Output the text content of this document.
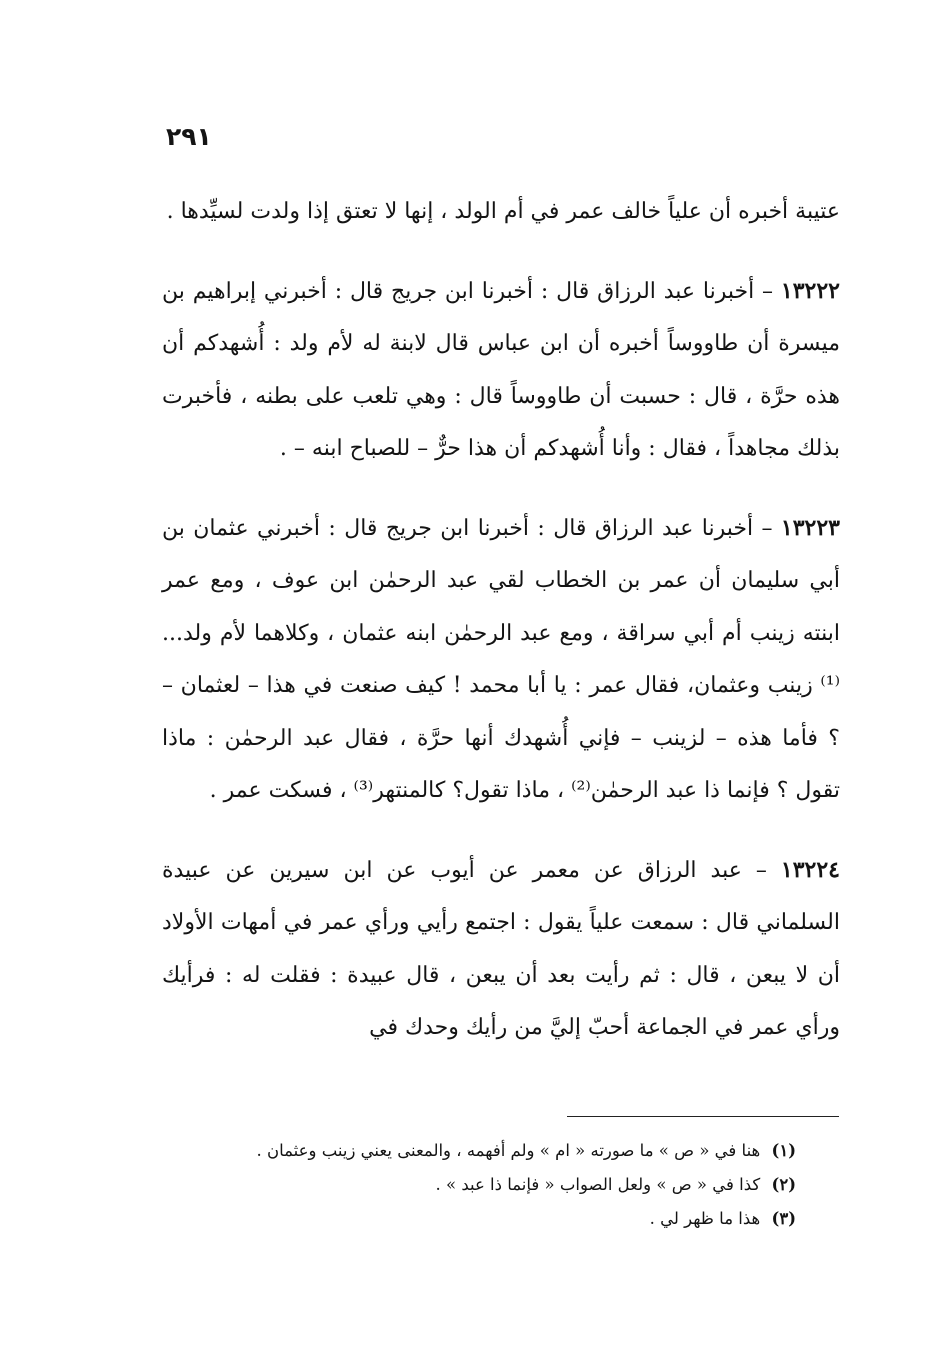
٢٩١

عتيبة أخبره أن علياً خالف عمر في أم الولد ، إنها لا تعتق إذا ولدت لسيِّدها .

١٣٢٢٢ – أخبرنا عبد الرزاق قال : أخبرنا ابن جريج قال : أخبرني إبراهيم بن ميسرة أن طاووساً أخبره أن ابن عباس قال لابنة له لأم ولد : أُشهدكم أن هذه حرَّة ، قال : حسبت أن طاووساً قال : وهي تلعب على بطنه ، فأخبرت بذلك مجاهداً ، فقال : وأنا أُشهدكم أن هذا حرٌّ – للصباح ابنه – .

١٣٢٢٣ – أخبرنا عبد الرزاق قال : أخبرنا ابن جريج قال : أخبرني عثمان بن أبي سليمان أن عمر بن الخطاب لقي عبد الرحمٰن ابن عوف ، ومع عمر ابنته زينب أم أبي سراقة ، ومع عبد الرحمٰن ابنه عثمان ، وكلاهما لأم ولد...⁽¹⁾ زينب وعثمان، فقال عمر : يا أبا محمد ! كيف صنعت في هذا – لعثمان – ؟ فأما هذه – لزينب – فإني أُشهدك أنها حرَّة ، فقال عبد الرحمٰن : ماذا تقول ؟ فإنما ذا عبد الرحمٰن⁽²⁾ ، ماذا تقول؟ كالمنتهر⁽³⁾ ، فسكت عمر .

١٣٢٢٤ – عبد الرزاق عن معمر عن أيوب عن ابن سيرين عن عبيدة السلماني قال : سمعت علياً يقول : اجتمع رأيي ورأي عمر في أمهات الأولاد أن لا يبعن ، قال : ثم رأيت بعد أن يبعن ، قال عبيدة : فقلت له : فرأيك ورأي عمر في الجماعة أحبّ إليَّ من رأيك وحدك في

(١) هنا في « ص » ما صورته « ام » ولم أفهمه ، والمعنى يعني زينب وعثمان .
(٢) كذا في « ص » ولعل الصواب « فإنما ذا عبد » .
(٣) هذا ما ظهر لي .
